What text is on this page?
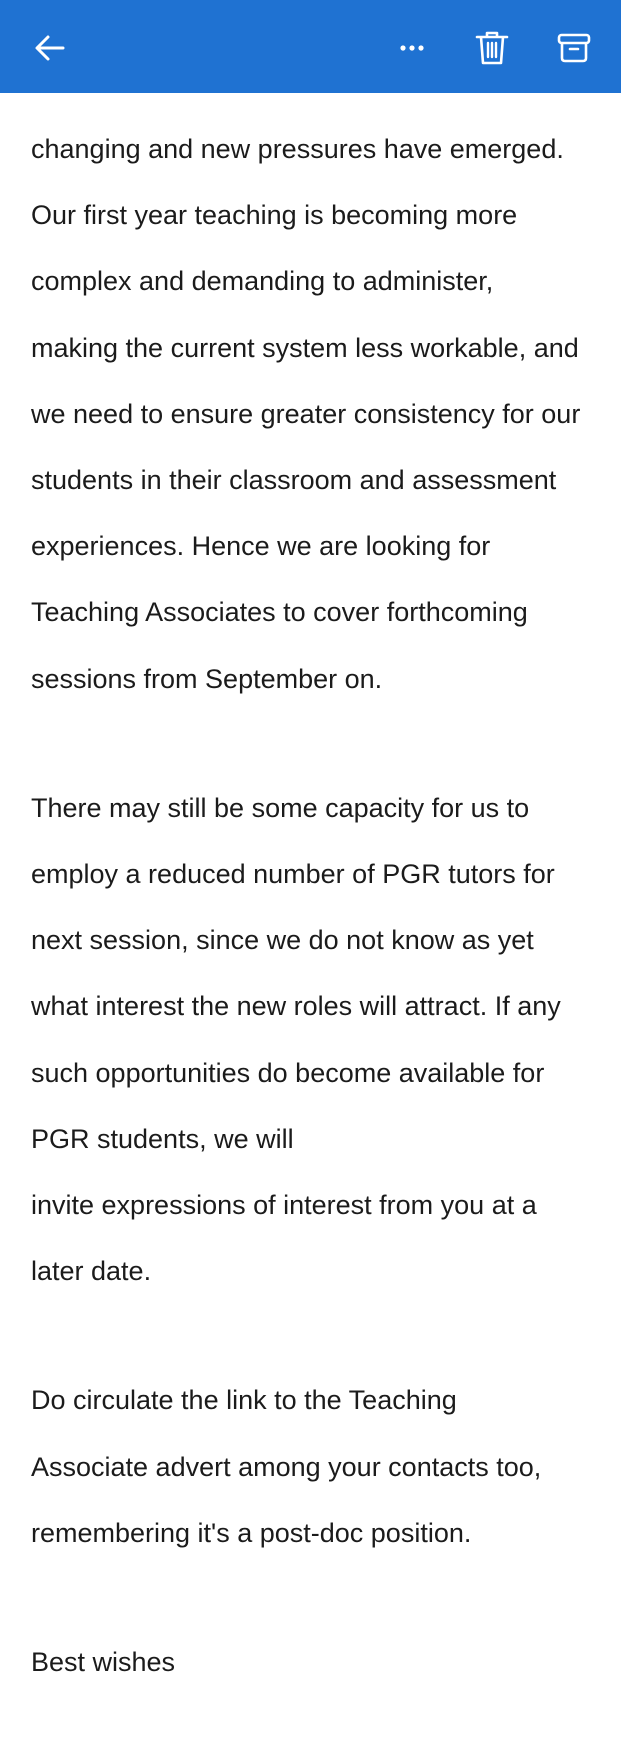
changing and new pressures have emerged.

Our first year teaching is becoming more

complex and demanding to administer,

making the current system less workable, and

we need to ensure greater consistency for our

students in their classroom and assessment

experiences. Hence we are looking for

Teaching Associates to cover forthcoming

sessions from September on.

There may still be some capacity for us to

employ a reduced number of PGR tutors for

next session, since we do not know as yet

what interest the new roles will attract. If any

such opportunities do become available for

PGR students, we will

invite expressions of interest from you at a

later date.

Do circulate the link to the Teaching

Associate advert among your contacts too,

remembering it's a post-doc position.

Best wishes
